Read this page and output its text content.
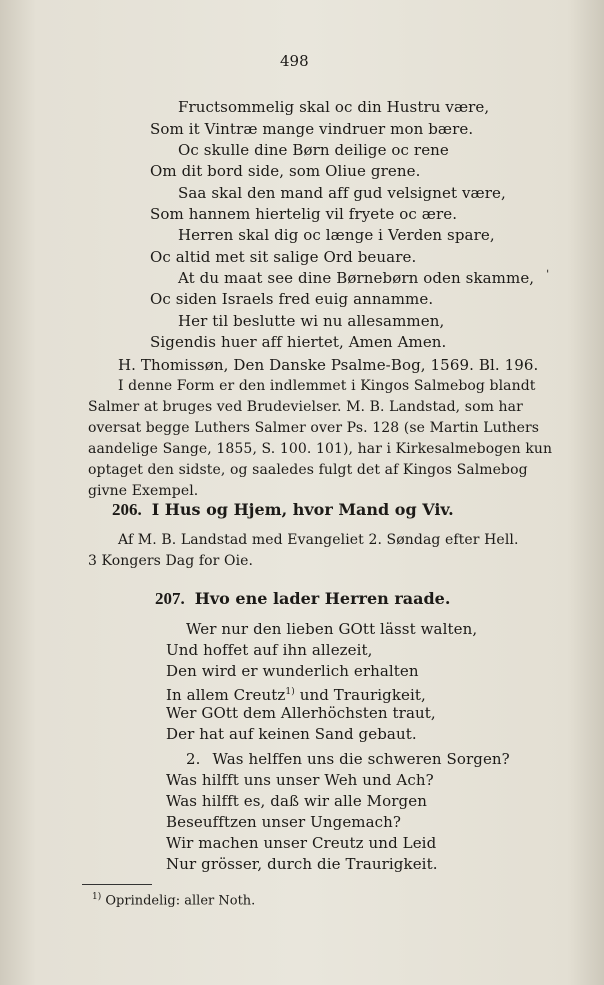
498
Fructsommelig skal oc din Hustru være,
Som it Vintræ mange vindruer mon bære.
Oc skulle dine Børn deilige oc rene
Om dit bord side, som Oliue grene.
Saa skal den mand aff gud velsignet være,
Som hannem hiertelig vil fryete oc ære.
Herren skal dig oc længe i Verden spare,
Oc altid met sit salige Ord beuare.
At du maat see dine Børnebørn oden skamme,
Oc siden Israels fred euig annamme.
Her til beslutte wi nu allesammen,
Sigendis huer aff hiertet, Amen Amen.
ˈ
H. Thomissøn, Den Danske Psalme-Bog, 1569. Bl. 196.
I denne Form er den indlemmet i Kingos Salmebog blandt
Salmer at bruges ved Brudevielser. M. B. Landstad, som har
oversat begge Luthers Salmer over Ps. 128 (se Martin Luthers
aandelige Sange, 1855, S. 100. 101), har i Kirkesalmebogen kun
optaget den sidste, og saaledes fulgt det af Kingos Salmebog
givne Exempel.
206. I Hus og Hjem, hvor Mand og Viv.
Af M. B. Landstad med Evangeliet 2. Søndag efter Hell.
3 Kongers Dag for Oie.
207. Hvo ene lader Herren raade.
Wer nur den lieben GOtt lässt walten,
Und hoffet auf ihn allezeit,
Den wird er wunderlich erhalten
In allem Creutz$^{1)}$ und Traurigkeit,
Wer GOtt dem Allerhöchsten traut,
Der hat auf keinen Sand gebaut.
2. Was helffen uns die schweren Sorgen?
Was hilfft uns unser Weh und Ach?
Was hilfft es, daß wir alle Morgen
Beseufftzen unser Ungemach?
Wir machen unser Creutz und Leid
Nur grösser, durch die Traurigkeit.
$^{1)}$ Oprindelig: aller Noth.
